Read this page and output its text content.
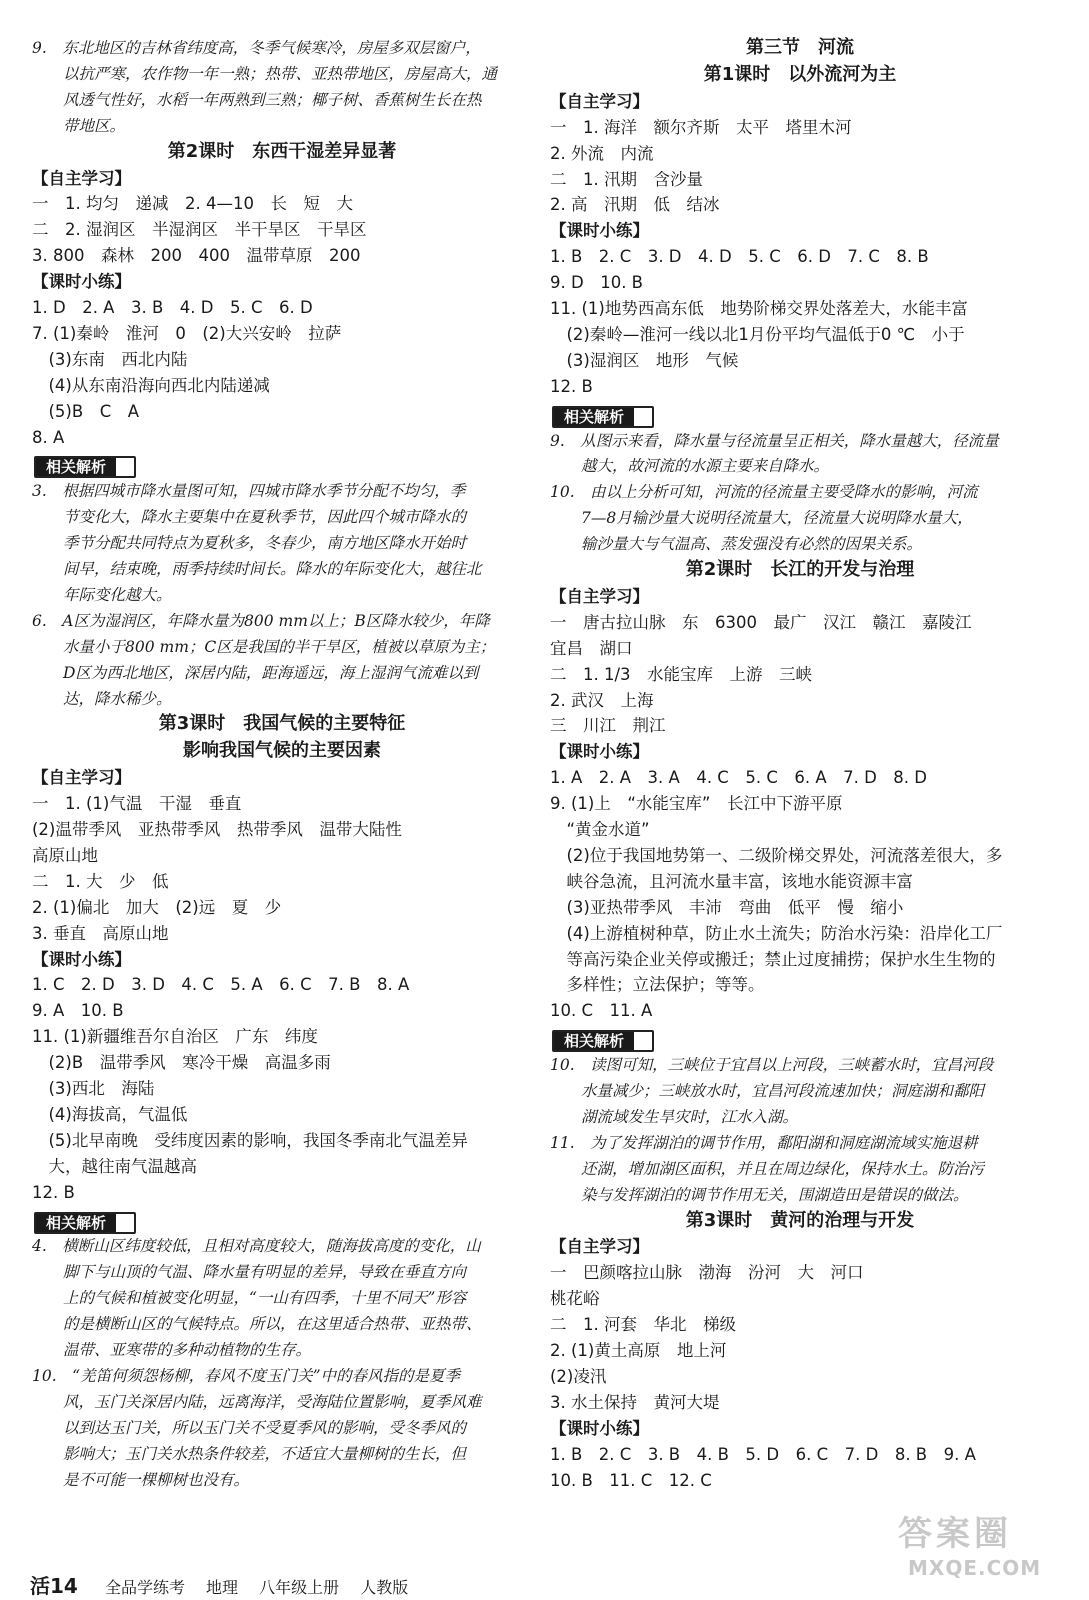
9.　东北地区的吉林省纬度高，冬季气候寒冷，房屋多双层窗户，
　　以抗严寒，农作物一年一熟；热带、亚热带地区，房屋高大，通
　　风透气性好，水稻一年两熟到三熟；椰子树、香蕉树生长在热
　　带地区。
第2课时　东西干湿差异显著
【自主学习】
一　1. 均匀　递减　2. 4—10　长　短　大
二　2. 湿润区　半湿润区　半干旱区　干旱区
3. 800　森林　200　400　温带草原　200
【课时小练】
1. D　2. A　3. B　4. D　5. C　6. D
7. (1)秦岭　淮河　0　(2)大兴安岭　拉萨
　(3)东南　西北内陆
　(4)从东南沿海向西北内陆递减
　(5)B　C　A
8. A
相关解析
3.　根据四城市降水量图可知，四城市降水季节分配不均匀，季
　　节变化大，降水主要集中在夏秋季节，因此四个城市降水的
　　季节分配共同特点为夏秋多，冬春少，南方地区降水开始时
　　间早，结束晚，雨季持续时间长。降水的年际变化大，越往北
　　年际变化越大。
6.　A区为湿润区，年降水量为800 mm以上；B区降水较少，年降
　　水量小于800 mm；C区是我国的半干旱区，植被以草原为主；
　　D区为西北地区，深居内陆，距海遥远，海上湿润气流难以到
　　达，降水稀少。
第3课时　我国气候的主要特征
影响我国气候的主要因素
【自主学习】
一　1. (1)气温　干湿　垂直
(2)温带季风　亚热带季风　热带季风　温带大陆性
高原山地
二　1. 大　少　低
2. (1)偏北　加大　(2)远　夏　少
3. 垂直　高原山地
【课时小练】
1. C　2. D　3. D　4. C　5. A　6. C　7. B　8. A
9. A　10. B
11. (1)新疆维吾尔自治区　广东　纬度
　(2)B　温带季风　寒冷干燥　高温多雨
　(3)西北　海陆
　(4)海拔高，气温低
　(5)北早南晚　受纬度因素的影响，我国冬季南北气温差异
　大，越往南气温越高
12. B
相关解析
4.　横断山区纬度较低，且相对高度较大，随海拔高度的变化，山
　　脚下与山顶的气温、降水量有明显的差异，导致在垂直方向
　　上的气候和植被变化明显，“一山有四季，十里不同天”形容
　　的是横断山区的气候特点。所以，在这里适合热带、亚热带、
　　温带、亚寒带的多种动植物的生存。
10.　“羌笛何须怨杨柳，春风不度玉门关”中的春风指的是夏季
　　风，玉门关深居内陆，远离海洋，受海陆位置影响，夏季风难
　　以到达玉门关，所以玉门关不受夏季风的影响，受冬季风的
　　影响大；玉门关水热条件较差，不适宜大量柳树的生长，但
　　是不可能一棵柳树也没有。
第三节　河流
第1课时　以外流河为主
【自主学习】
一　1. 海洋　额尔齐斯　太平　塔里木河
2. 外流　内流
二　1. 汛期　含沙量
2. 高　汛期　低　结冰
【课时小练】
1. B　2. C　3. D　4. D　5. C　6. D　7. C　8. B
9. D　10. B
11. (1)地势西高东低　地势阶梯交界处落差大，水能丰富
　(2)秦岭—淮河一线以北1月份平均气温低于0 ℃　小于
　(3)湿润区　地形　气候
12. B
相关解析
9.　从图示来看，降水量与径流量呈正相关，降水量越大，径流量
　　越大，故河流的水源主要来自降水。
10.　由以上分析可知，河流的径流量主要受降水的影响，河流
　　7—8月输沙量大说明径流量大，径流量大说明降水量大，
　　输沙量大与气温高、蒸发强没有必然的因果关系。
第2课时　长江的开发与治理
【自主学习】
一　唐古拉山脉　东　6300　最广　汉江　赣江　嘉陵江
宜昌　湖口
二　1. 1/3　水能宝库　上游　三峡
2. 武汉　上海
三　川江　荆江
【课时小练】
1. A　2. A　3. A　4. C　5. C　6. A　7. D　8. D
9. (1)上　“水能宝库”　长江中下游平原
　“黄金水道”
　(2)位于我国地势第一、二级阶梯交界处，河流落差很大，多
　峡谷急流，且河流水量丰富，该地水能资源丰富
　(3)亚热带季风　丰沛　弯曲　低平　慢　缩小
　(4)上游植树种草，防止水土流失；防治水污染：沿岸化工厂
　等高污染企业关停或搬迁；禁止过度捕捞；保护水生生物的
　多样性；立法保护；等等。
10. C　11. A
相关解析
10.　读图可知，三峡位于宜昌以上河段，三峡蓄水时，宜昌河段
　　水量减少；三峡放水时，宜昌河段流速加快；洞庭湖和鄱阳
　　湖流域发生旱灾时，江水入湖。
11.　为了发挥湖泊的调节作用，鄱阳湖和洞庭湖流域实施退耕
　　还湖，增加湖区面积，并且在周边绿化，保持水土。防治污
　　染与发挥湖泊的调节作用无关，围湖造田是错误的做法。
第3课时　黄河的治理与开发
【自主学习】
一　巴颜喀拉山脉　渤海　汾河　大　河口
桃花峪
二　1. 河套　华北　梯级
2. (1)黄土高原　地上河
(2)凌汛
3. 水土保持　黄河大堤
【课时小练】
1. B　2. C　3. B　4. B　5. D　6. C　7. D　8. B　9. A
10. B　11. C　12. C
活14 全品学练考 地理 八年级上册 人教版
答案圈
MXQE.COM
